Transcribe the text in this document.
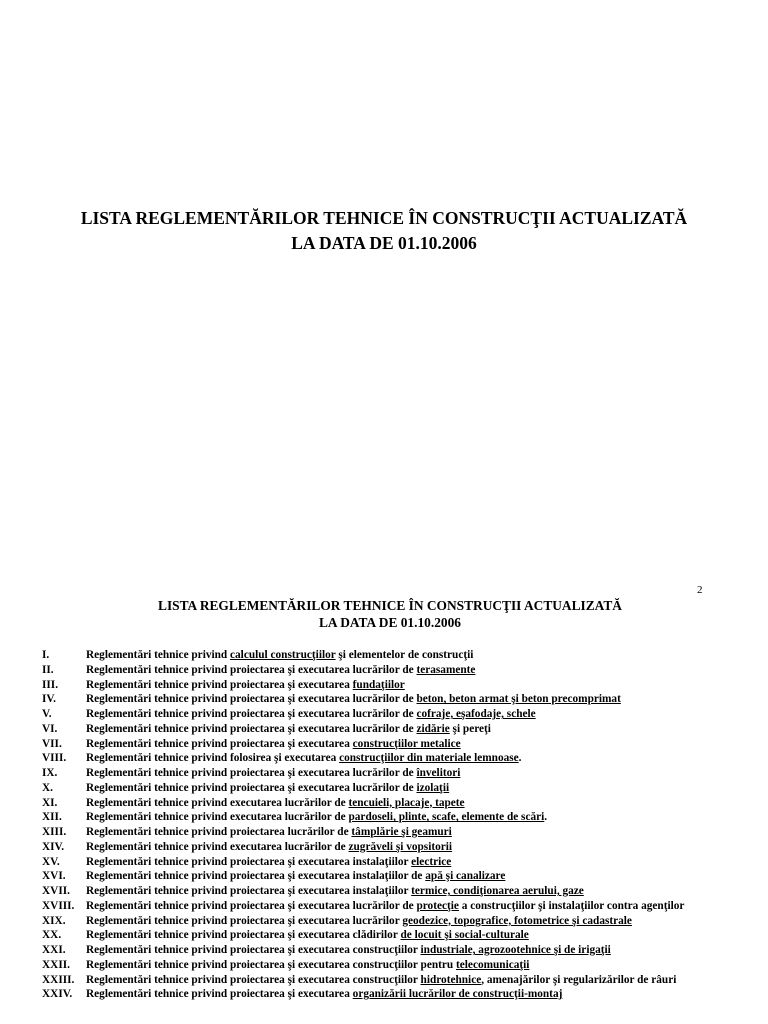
LISTA REGLEMENTĂRILOR TEHNICE ÎN CONSTRUCŢII ACTUALIZATĂ
LA DATA DE 01.10.2006
2
LISTA REGLEMENTĂRILOR TEHNICE ÎN CONSTRUCŢII ACTUALIZATĂ
LA DATA DE 01.10.2006
I.	Reglementări tehnice privind calculul construcţiilor şi elementelor de construcţii
II.	Reglementări tehnice privind proiectarea şi executarea lucrărilor de terasamente
III.	Reglementări tehnice privind proiectarea şi executarea fundaţiilor
IV.	Reglementări tehnice privind proiectarea şi executarea lucrărilor de beton, beton armat şi beton precomprimat
V.	Reglementări tehnice privind proiectarea şi executarea lucrărilor de cofraje, eşafodaje, schele
VI.	Reglementări tehnice privind proiectarea şi executarea lucrărilor de zidărie şi pereţi
VII.	Reglementări tehnice privind proiectarea şi executarea construcţiilor metalice
VIII.	Reglementări tehnice privind folosirea şi executarea construcţiilor din materiale lemnoase.
IX.	Reglementări tehnice privind proiectarea şi executarea lucrărilor de învelitori
X.	Reglementări tehnice privind proiectarea şi executarea lucrărilor de izolaţii
XI.	Reglementări tehnice privind executarea lucrărilor de tencuieli, placaje, tapete
XII.	Reglementări tehnice privind executarea lucrărilor de pardoseli, plinte, scafe, elemente de scări.
XIII.	Reglementări tehnice privind proiectarea lucrărilor de tâmplărie şi geamuri
XIV.	Reglementări tehnice privind executarea lucrărilor de zugrăveli şi vopsitorii
XV.	Reglementări tehnice privind proiectarea şi executarea instalaţiilor electrice
XVI.	Reglementări tehnice privind proiectarea şi executarea instalaţiilor de apă şi canalizare
XVII.	Reglementări tehnice privind proiectarea şi executarea instalaţiilor termice, condiţionarea aerului, gaze
XVIII.	Reglementări tehnice privind proiectarea şi executarea lucrărilor de protecţie a construcţiilor şi instalaţiilor contra agenţilor
XIX.	Reglementări tehnice privind proiectarea şi executarea lucrărilor geodezice, topografice, fotometrice şi cadastrale
XX.	Reglementări tehnice privind proiectarea şi executarea clădirilor de locuit şi social-culturale
XXI.	Reglementări tehnice privind proiectarea şi executarea construcţiilor industriale, agrozootehnice şi de irigaţii
XXII.	Reglementări tehnice privind proiectarea şi executarea construcţiilor pentru telecomunicaţii
XXIII.	Reglementări tehnice privind proiectarea şi executarea construcţiilor hidrotehnice, amenajărilor şi regularizărilor de râuri
XXIV.	Reglementări tehnice privind proiectarea şi executarea organizării lucrărilor de construcţii-montaj
